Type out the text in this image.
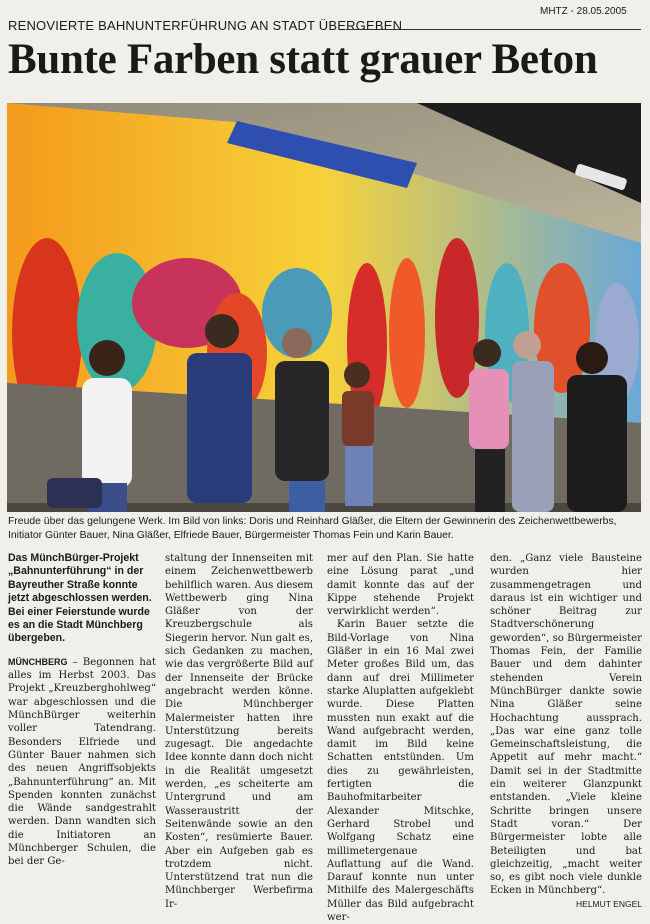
MHTZ - 28.05.2005
RENOVIERTE BAHNUNTERFÜHRUNG AN STADT ÜBERGEBEN
Bunte Farben statt grauer Beton
Freude über das gelungene Werk. Im Bild von links: Doris und Reinhard Gläßer, die Eltern der Gewinnerin des Zeichenwettbewerbs, Initiator Günter Bauer, Nina Gläßer, Elfriede Bauer, Bürgermeister Thomas Fein und Karin Bauer.

Das MünchBürger-Projekt „Bahnunterführung“ in der Bayreuther Straße konnte jetzt abgeschlossen werden. Bei einer Feierstunde wurde es an die Stadt Münchberg übergeben.

MÜNCHBERG – Begonnen hat alles im Herbst 2003. Das Projekt „Kreuzberghohlweg“ war abgeschlossen und die MünchBürger weiterhin voller Tatendrang. Besonders Elfriede und Günter Bauer nahmen sich des neuen Angriffsobjekts „Bahnunterführung“ an. Mit Spenden konnten zunächst die Wände sandgestrahlt werden. Dann wandten sich die Initiatoren an Münchberger Schulen, die bei der Ge-

staltung der Innenseiten mit einem Zeichenwettbewerb behilflich waren. Aus diesem Wettbewerb ging Nina Gläßer von der Kreuzbergschule als Siegerin hervor. Nun galt es, sich Gedanken zu machen, wie das vergrößerte Bild auf der Innenseite der Brücke angebracht werden könne. Die Münchberger Malermeister hatten ihre Unterstützung bereits zugesagt. Die angedachte Idee konnte dann doch nicht in die Realität umgesetzt werden, „es scheiterte am Untergrund und am Wasseraustritt der Seitenwände sowie an den Kosten“, resümierte Bauer. Aber ein Aufgeben gab es trotzdem nicht. Unterstützend trat nun die Münchberger Werbefirma Ir-

mer auf den Plan. Sie hatte eine Lösung parat „und damit konnte das auf der Kippe stehende Projekt verwirklicht werden“.

Karin Bauer setzte die Bild-Vorlage von Nina Gläßer in ein 16 Mal zwei Meter großes Bild um, das dann auf drei Millimeter starke Aluplatten aufgeklebt wurde. Diese Platten mussten nun exakt auf die Wand aufgebracht werden, damit im Bild keine Schatten entstünden. Um dies zu gewährleisten, fertigten die Bauhofmitarbeiter Alexander Mitschke, Gerhard Strobel und Wolfgang Schatz eine millimetergenaue Auflattung auf die Wand. Darauf konnte nun unter Mithilfe des Malergeschäfts Müller das Bild aufgebracht wer-

den. „Ganz viele Bausteine wurden hier zusammengetragen und daraus ist ein wichtiger und schöner Beitrag zur Stadtverschönerung geworden“, so Bürgermeister Thomas Fein, der Familie Bauer und dem dahinter stehenden Verein MünchBürger dankte sowie Nina Gläßer seine Hochachtung aussprach. „Das war eine ganz tolle Gemeinschaftsleistung, die Appetit auf mehr macht.“ Damit sei in der Stadtmitte ein weiterer Glanzpunkt entstanden. „Viele kleine Schritte bringen unsere Stadt voran.“ Der Bürgermeister lobte alle Beteiligten und bat gleichzeitig, „macht weiter so, es gibt noch viele dunkle Ecken in Münchberg“.

HELMUT ENGEL
